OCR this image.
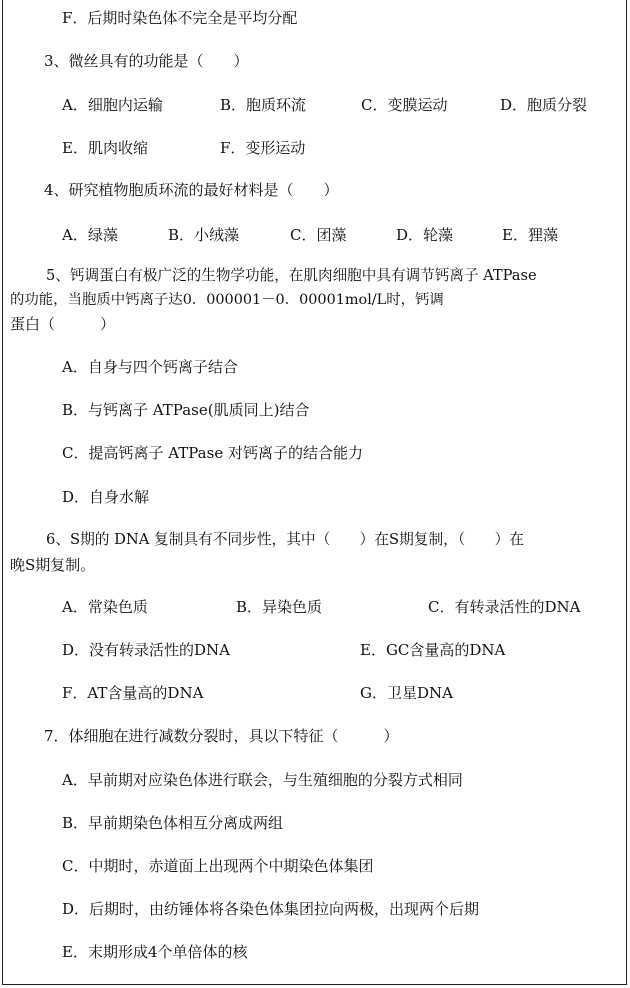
F．后期时染色体不完全是平均分配
3、微丝具有的功能是（　　）
A．细胞内运输	B．胞质环流	C．变膜运动	D．胞质分裂
E．肌肉收缩	F．变形运动
4、研究植物胞质环流的最好材料是（　　）
A．绿藻	B．小绒藻	C．团藻	D．轮藻	E．狸藻
5、钙调蛋白有极广泛的生物学功能，在肌肉细胞中具有调节钙离子 ATPase
的功能，当胞质中钙离子达0．000001－0．00001mol/L时，钙调
蛋白（　　　）
A．自身与四个钙离子结合
B．与钙离子 ATPase(肌质同上)结合
C．提高钙离子 ATPase 对钙离子的结合能力
D．自身水解
6、S期的 DNA 复制具有不同步性，其中（　　）在S期复制，（　　）在
晚S期复制。
A．常染色质	B．异染色质	C．有转录活性的DNA
D．没有转录活性的DNA	E．GC含量高的DNA
F．AT含量高的DNA	G．卫星DNA
7．体细胞在进行减数分裂时，具以下特征（　　　）
A．早前期对应染色体进行联会，与生殖细胞的分裂方式相同
B．早前期染色体相互分离成两组
C．中期时，赤道面上出现两个中期染色体集团
D．后期时，由纺锤体将各染色体集团拉向两极，出现两个后期
E．末期形成4个单倍体的核
